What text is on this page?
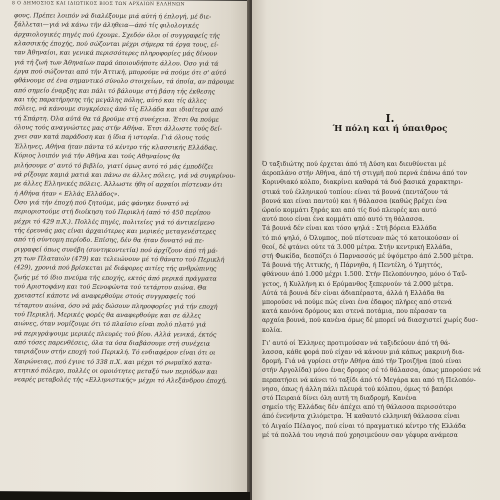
8 Ο ΔΗΜΟΣΙΟΣ ΚΑΙ ΙΔΙΩΤΙΚΟΣ ΒΙΟΣ ΤΩΝ ΑΡΧΑΙΩΝ ΕΛΛΗΝΩΝ

φους. Πρέπει λοιπόν νά διαλέξουμε μιά αύτή ή έπλογή, μέ διε-

ξάλλεται—γιά νά κάνω τήν άληθεια—άπό τίς φιλολογικές

άρχαιολογικές πηγές πού έχουμε. Σχεδόν όλοι οί συγγραφείς τής

κλασσικής έποχής, πού σώζονται μέχρι σήμερα τά έργα τους, εί-

ταν Άθηναίοι, και γενικά περισσότερες πληροφορίες μάς δίνουν

γιά τή ζωή των Άθηναίων παρά όποιουδήποτε άλλου. Όσο γιά τά

έργα πού σώζονται από τήν Άττική, μπορούμε νά πούμε ότι σ' αύτό

φθάνουμε σέ ένα σημαντικό σύνολο στοιχείων, τά όποία, αν πάρουμε

από σημείο έναρξης και πάλι τό βάλουμε στή βάση τής έκθεσης

και τής παρατήρησης τής μεγάλης πόλης, αύτό και τίς άλλες

πόλεις, νά κάνουμε συγκρίσεις άπό τίς Ελλάδα και ιδιαίτερα από

τή Σπάρτη. Όλα αύτά θα τά βρούμε στή συνέχεια. Έτσι θα πούμε

όλους τούς αναγνώστες μας στήν Αθήνα. Έτσι άλλωστε τούς δεί-

χνει σαν κατά παράδοση και ή ίδια ή ιστορία. Γιά όλους τούς

Έλληνες, Αθήνα ήταν πάντα τό κέντρο τής κλασσικής Ελλάδας.

Κύριος λοιπόν γιά τήν Αθήνα και τούς Αθηναίους θα

μιλήσουμε σ' αυτό τό βιβλίο, γιατί όμως αυτό τό μάς έμποδίζει

νά ρίξουμε καμιά ματιά και πάνω σε άλλες πόλεις, γιά νά συγκρίνου-

με άλλες Ελληνικές πόλεις. Άλλωστε ήθη οί αρχαίοι πίστευαν ότι

ή Αθήνα ήταν « Ελλάς Ελλάδος».

Όσο γιά τήν έποχή πού ζητούμε, μάς φάνηκε δυνατό νά

περιοριστούμε στή διοίκηση τού Περικλή (από τό 450 περίπου

μέχρι τό 429 π.Χ.). Πολλές πηγές, πολιτείες γιά τό άντικείμενο

τής έρευνάς μας είναι άρχαιότερες και μερικές μεταγενέστερες

από τή σύντομη περίοδο. Επίσης, δέν θα ήταν δυνατό νά πε-

ριγραφεί όπως συνέβη (συντηκοντετία) πού άρχίζουν άπό τή μά-

χη των Πλαταιών (479) και τελειώνουν μέ τό θάνατο τού Περικλή

(429), χρονιά πού βρίσκεται μέ διάφορες αιτίες τής ανθρώπινης

ζωής μέ τό ίδιο πνεύμα τής εποχής, εκτός άπό μερικά πράγματα

τού Αριστοφάνη και τού Ξενοφώντα τού τετάρτου αιώνα. Θα

χρειαστεί κάποτε νά αναφερθούμε στούς συγγραφείς τού

τέταρτου αιώνα, όσο νά μάς δώσουν πληροφορίες γιά τήν εποχή

τού Περικλή. Μερικές φορές θα αναφερθούμε και σε άλλες

αιώνες, όταν νομίζουμε ότι τό πλαίσιο είναι πολύ πλατύ γιά

νά περιγράψουμε μερικές πλευρές τού βίου. Αλλά γενικά, έκτός

από τόσες παρενθέσεις, όλα τα όσα διαβάσουμε στή συνέχεια

ταιριάζουν στήν εποχή τού Περικλή. Τό ενδιαφέρον είναι ότι οι

Χαιρώνειας, πού έγινε τό 338 π.Χ. και μέχρι τό ρωμαϊκό κατα-

κτητικό πόλεμο, πολλές οι ομοιότητες μεταξύ των περιόδων και

νεαρές μεταβολές τής «Ελληνιστικής» μέχρι τό Αλεξάνδρου έποχή.

I.
Ή πόλη και ή ύπαιθρος

Ό ταξιδιώτης πού έρχεται άπό τή Δύση και διευθύνεται μέ

άεροπλάνο στήν Αθήνα, άπό τή στιγμή πού περνά έπάνω άπό τον

Κορινθιακό κόλπο, διακρίνει καθαρά τά δυό βασικά χαρακτηρι-

στικά τού έλληνικού τοπίου: είναι τά βουνά (πεντάζουν τά

βουνά και είναι παντού) και ή θάλασσα (καθώς βρέχει ένα

ώραίο κομμάτι ξηράς και από τίς δυό πλευρές και αυτό

αυτό ποιο είναι ένα κομμάτι από αυτό τη θάλασσα.

Τά βουνά δέν είναι και τόσο ψηλά : Στή βόρεια Ελλάδα

τό πιό ψηλό, ό Όλυμπος, πού πίστευαν πώς τό κατοικούσαν οί

θεοί, δέ φτάνει ούτε τά 3.000 μέτρα. Στήν κεντρική Ελλάδα,

στή Φωκίδα, δεσπόζει ό Παρνασσός μέ ύψόμετρο άπό 2.500 μέτρα.

Τά βουνά τής Αττικής, ή Πάρνηθα, ή Πεντέλη, ό Υμηττός,

φθάνουν άπό 1.000 μέχρι 1.500. Στήν Πελοπόννησο, μόνο ό Ταΰ-

γετος, ή Κυλλήνη κι ό Ερύμανθος ξεπερνούν τά 2.000 μέτρα.

Αύτά τά βουνά δέν είναι άδιαπέραστα, άλλά ή Ελλάδα θα

μπορούσε νά πούμε πώς είναι ένα έδαφος πλήρες από στενά

κατά κανόνα δρόμους και στενά ποτάμια, που πέρασαν τα

αρχαία βουνά, πού κανένα όμως δέ μπορεί νά διασχιστεί χωρίς δυσ-

κολία.

Γι' αυτό οί Έλληνες προτιμούσαν νά ταξιδεύουν άπό τή θά-

λασσα, κάθε φορά πού είχαν νά κάνουν μιά κάπως μακρινή δια-

δρομή. Γιά νά γυρίσει στήν Αθήνα άπό τήν Τροιζήνα (πού είναι

στήν Αργολίδα) μόνο ένας δρομος σέ τό θάλασσα, όπως μπορούσε νά

περπατήσει νά κάνει τό ταξίδι άπό τό Μεγάρα και από τή Πελοπόν-

νησο, όπως ή άλλη πάλι πλευρά τού κόλπου, όμως τό βαπόρι

στό Πειραιά δίνει όλη αυτή τη διαδρομή. Κανένα

σημείο τής Ελλάδας δέν άπέχει από τή θάλασσα περισσότερο

άπό ένενήντα χιλιόμετρα. Ή καθαυτό ελληνική θάλασσα είναι

τό Αιγαίο Πέλαγος, πού είναι τό πραγματικό κέντρο τής Ελλάδα

μέ τά πολλά του νησιά πού χρησιμεύουν σαν γέφυρα ανάμεσα
